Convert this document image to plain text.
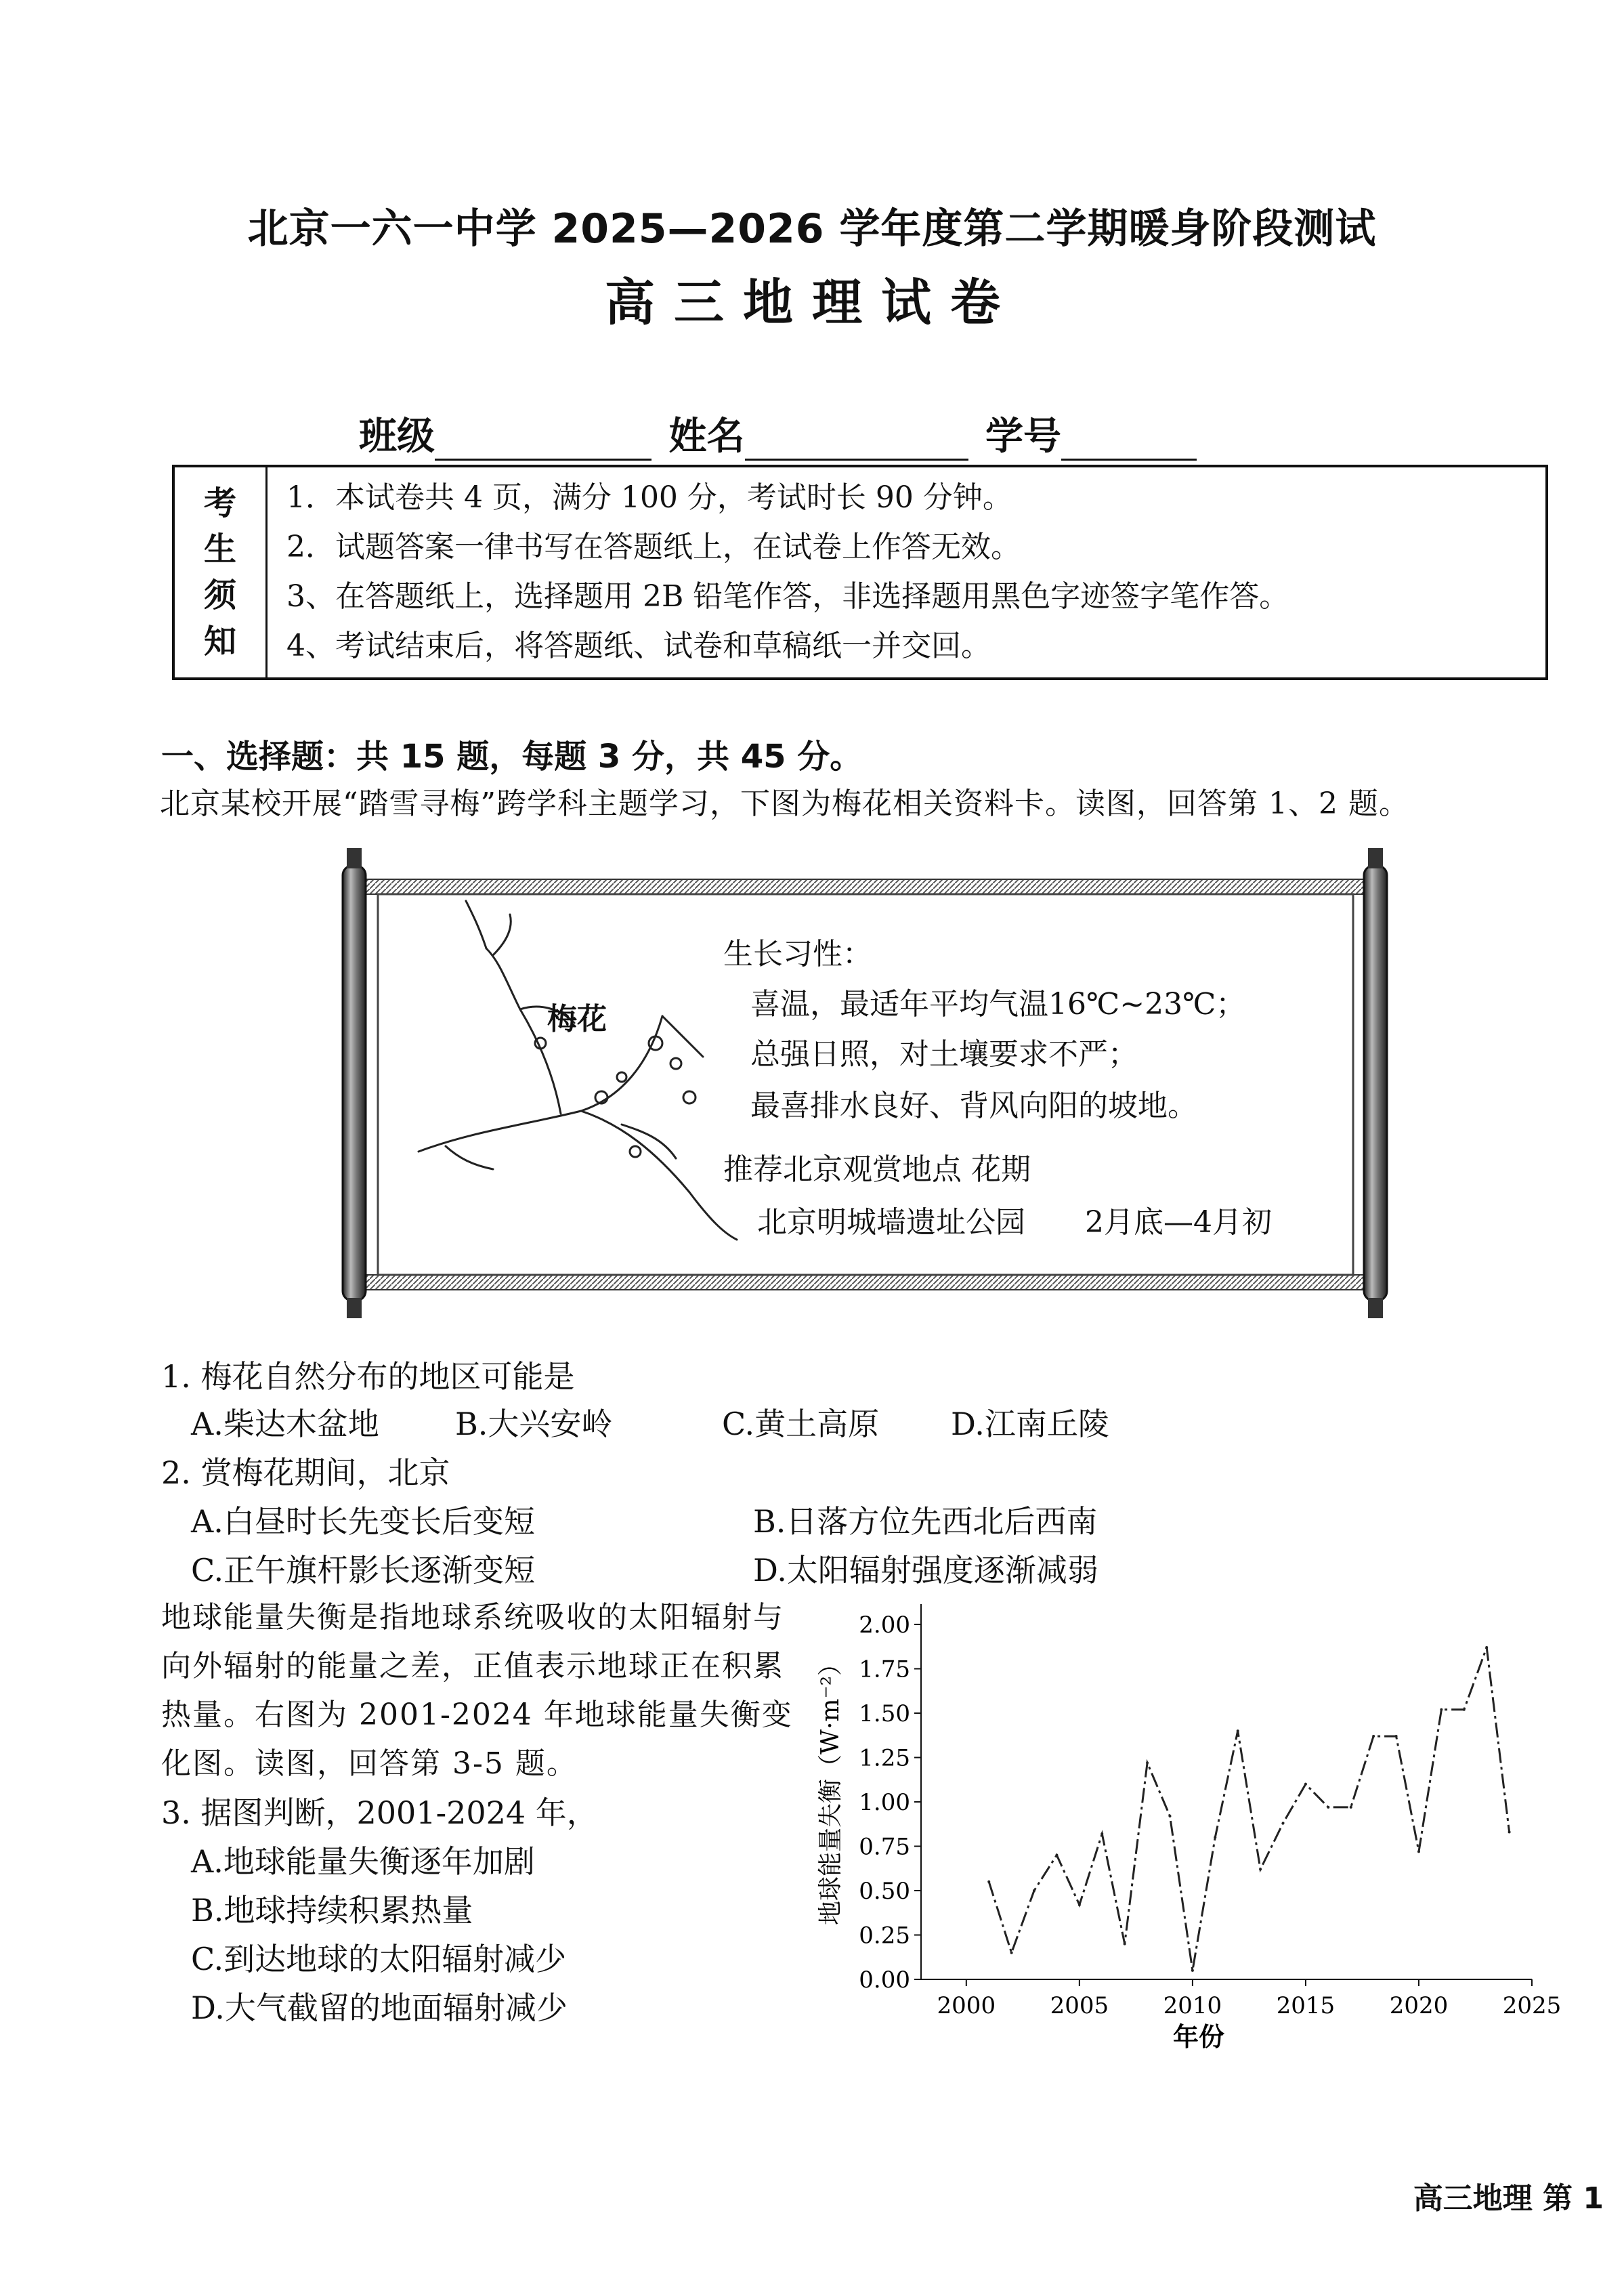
北京一六一中学 2025—2026 学年度第二学期暖身阶段测试
高三地理试卷
班级	姓名	学号
考
生
须
知
1．本试卷共 4 页，满分 100 分，考试时长 90 分钟。
2．试题答案一律书写在答题纸上，在试卷上作答无效。
3、在答题纸上，选择题用 2B 铅笔作答，非选择题用黑色字迹签字笔作答。
4、考试结束后，将答题纸、试卷和草稿纸一并交回。
一、选择题：共 15 题，每题 3 分，共 45 分。
北京某校开展“踏雪寻梅”跨学科主题学习，下图为梅花相关资料卡。读图，回答第 1、2 题。
梅花
生长习性：
喜温，最适年平均气温16℃~23℃；
总强日照，对土壤要求不严；
最喜排水良好、背风向阳的坡地。
推荐北京观赏地点 花期
北京明城墙遗址公园 2月底—4月初
1. 梅花自然分布的地区可能是
A.柴达木盆地 B.大兴安岭	C.黄土高原 D.江南丘陵
2. 赏梅花期间，北京
A.白昼时长先变长后变短	B.日落方位先西北后西南
C.正午旗杆影长逐渐变短	D.太阳辐射强度逐渐减弱
地球能量失衡是指地球系统吸收的太阳辐射与向外辐射的能量之差，正值表示地球正在积累热量。右图为 2001-2024 年地球能量失衡变化图。读图，回答第 3-5 题。
3. 据图判断，2001-2024 年，
A.地球能量失衡逐年加剧
B.地球持续积累热量
C.到达地球的太阳辐射减少
D.大气截留的地面辐射减少
0.00
0.25
0.50
0.75
1.00
1.25
1.50
1.75
2.00
2000 2005 2010 2015 2020 2025
地球能量失衡（W·m⁻²）
年份
高三地理 第 1
